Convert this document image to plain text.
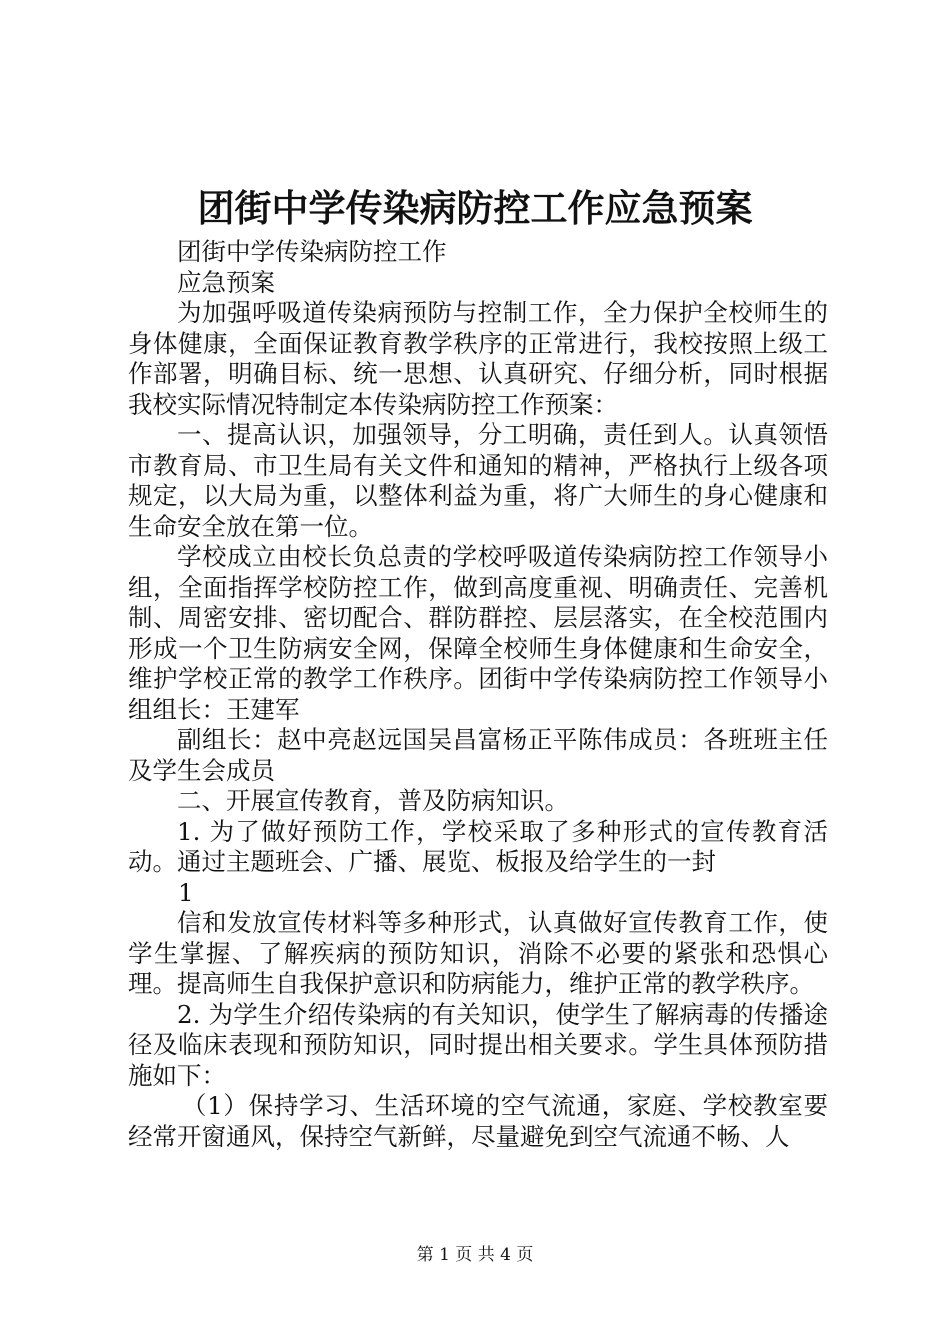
团街中学传染病防控工作应急预案

团街中学传染病防控工作

应急预案

为加强呼吸道传染病预防与控制工作，全力保护全校师生的身体健康，全面保证教育教学秩序的正常进行，我校按照上级工作部署，明确目标、统一思想、认真研究、仔细分析，同时根据我校实际情况特制定本传染病防控工作预案：

一、提高认识，加强领导，分工明确，责任到人。认真领悟市教育局、市卫生局有关文件和通知的精神，严格执行上级各项规定，以大局为重，以整体利益为重，将广大师生的身心健康和生命安全放在第一位。

学校成立由校长负总责的学校呼吸道传染病防控工作领导小组，全面指挥学校防控工作，做到高度重视、明确责任、完善机制、周密安排、密切配合、群防群控、层层落实，在全校范围内形成一个卫生防病安全网，保障全校师生身体健康和生命安全，维护学校正常的教学工作秩序。团街中学传染病防控工作领导小组组长：王建军

副组长：赵中亮赵远国吴昌富杨正平陈伟成员：各班班主任及学生会成员

二、开展宣传教育，普及防病知识。

1. 为了做好预防工作，学校采取了多种形式的宣传教育活动。通过主题班会、广播、展览、板报及给学生的一封

1

信和发放宣传材料等多种形式，认真做好宣传教育工作，使学生掌握、了解疾病的预防知识，消除不必要的紧张和恐惧心理。提高师生自我保护意识和防病能力，维护正常的教学秩序。

2. 为学生介绍传染病的有关知识，使学生了解病毒的传播途径及临床表现和预防知识，同时提出相关要求。学生具体预防措施如下：

（1）保持学习、生活环境的空气流通，家庭、学校教室要经常开窗通风，保持空气新鲜，尽量避免到空气流通不畅、人

第 1 页 共 4 页
